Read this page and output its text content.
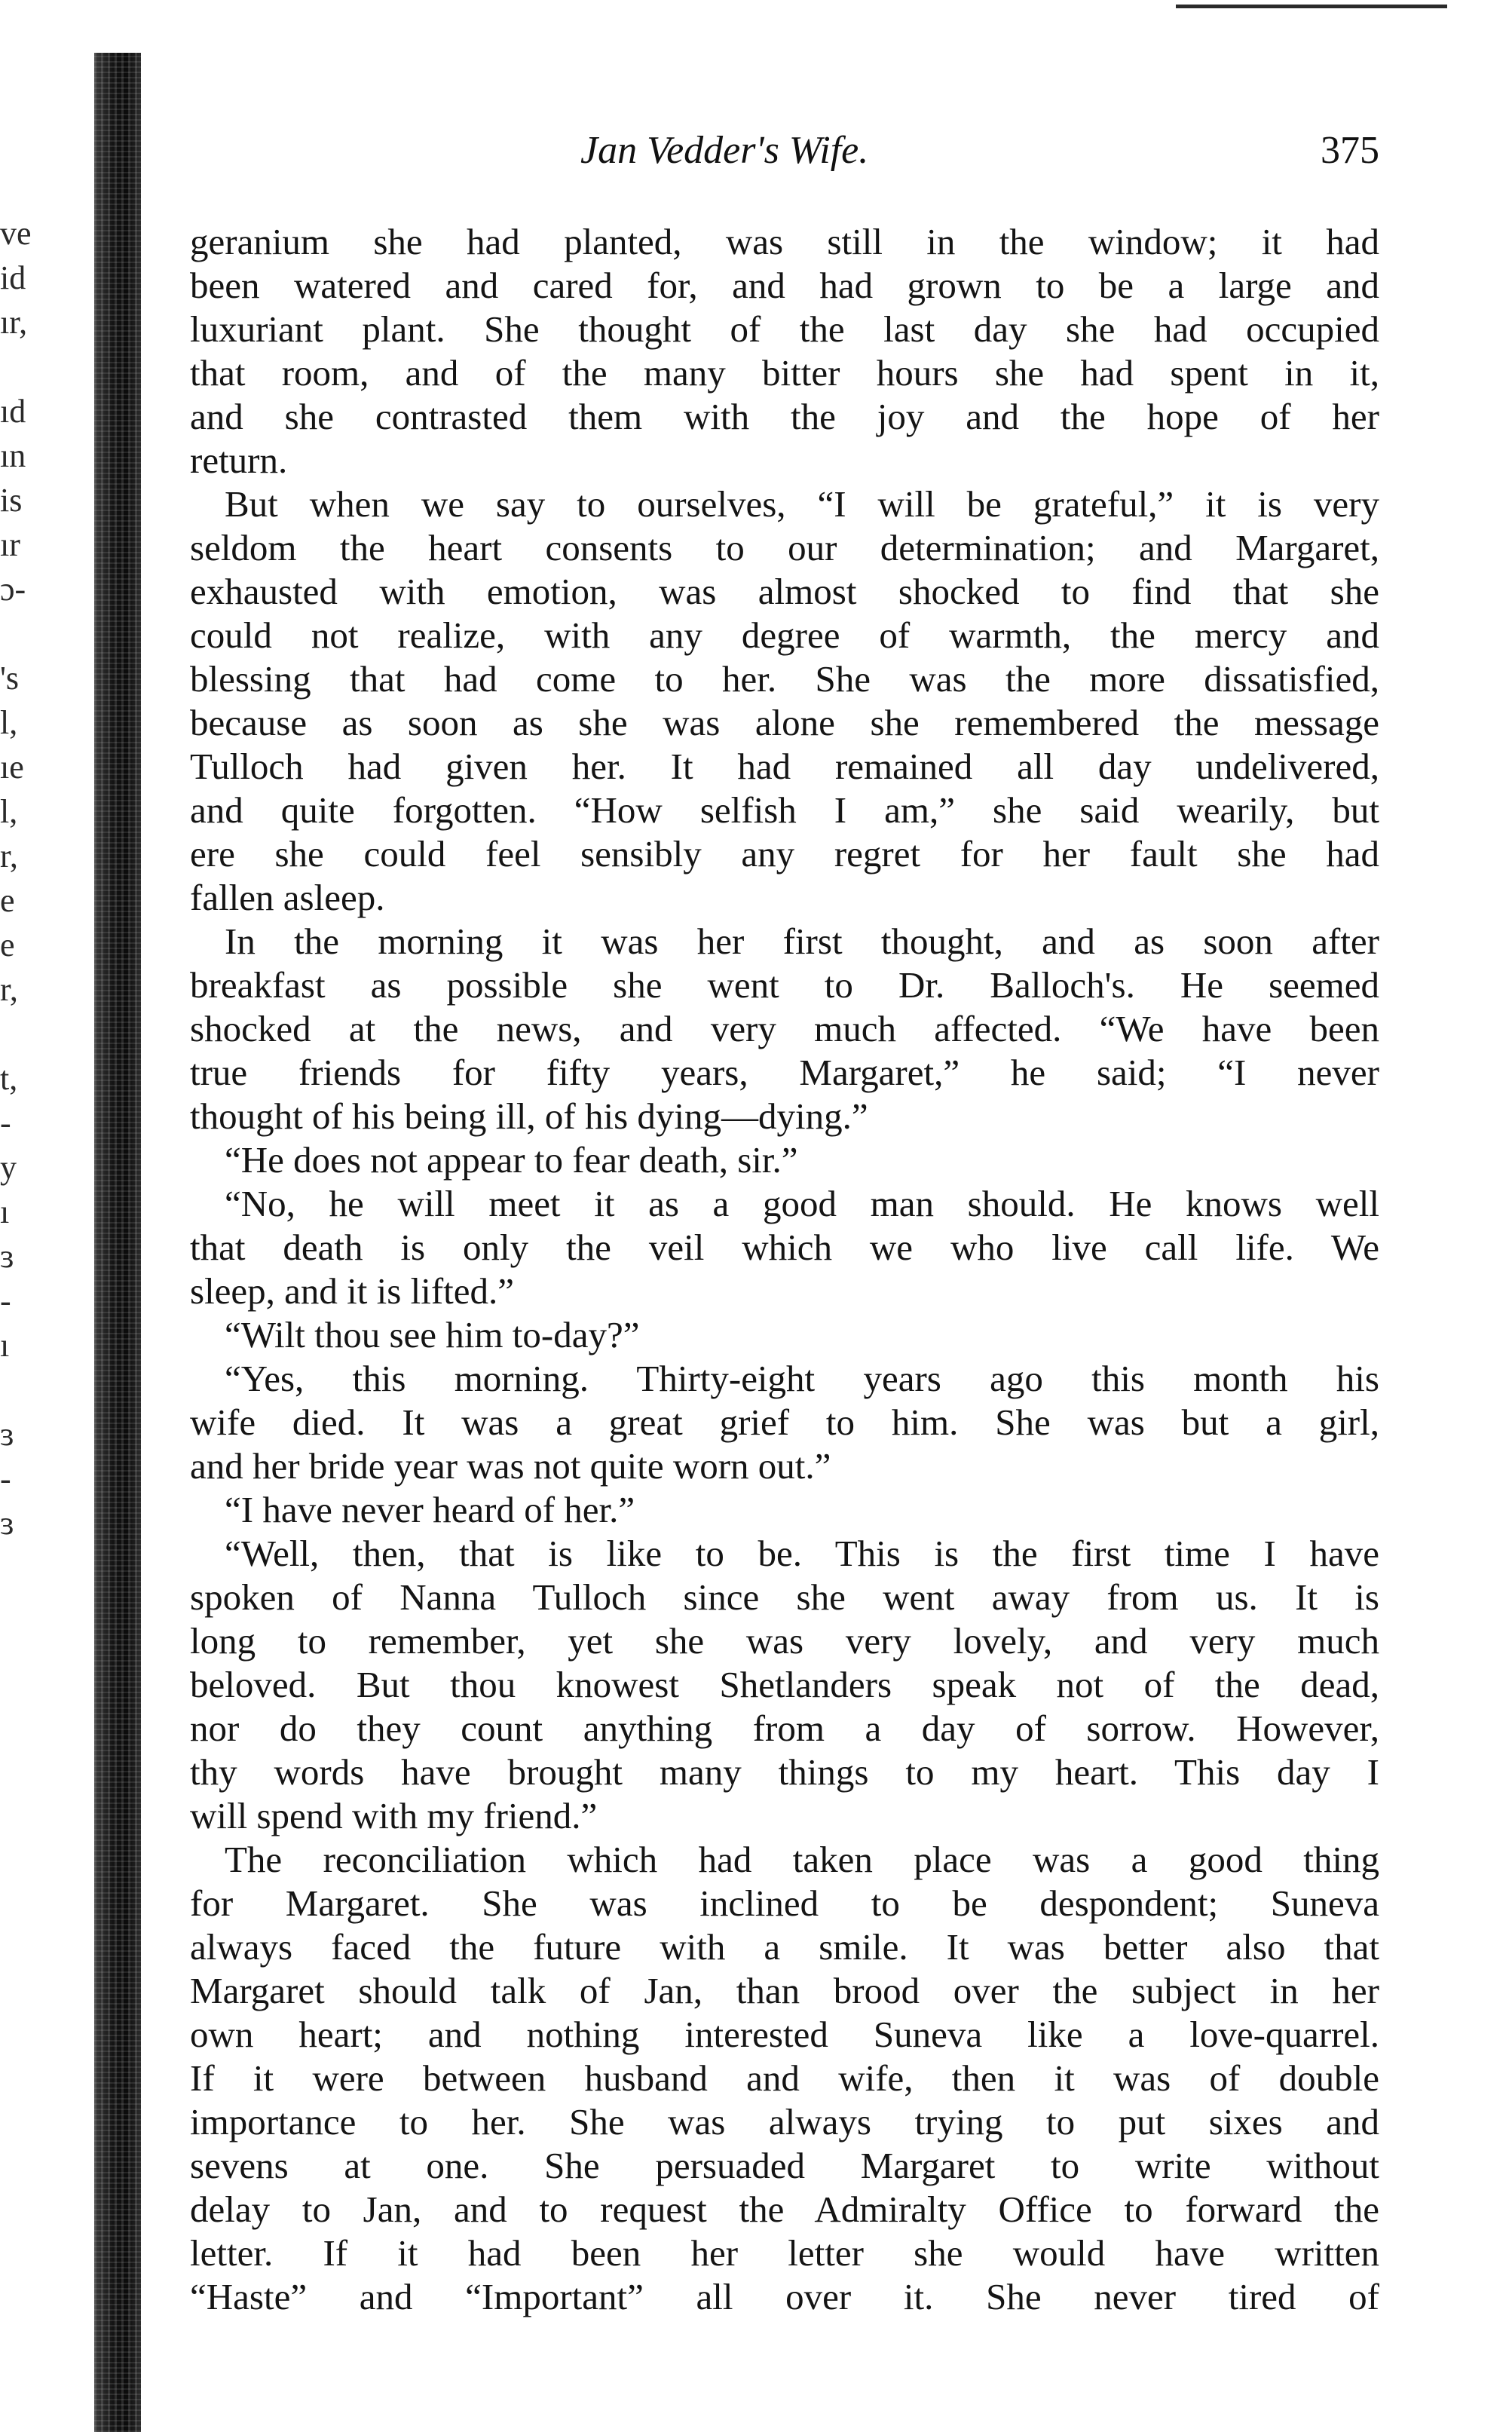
ve
id
ır,
ıd
ın
is
ır
ɔ-
's
l,
ıe
l,
r,
e
e
r,
t,
-
y
ı
ɜ
-
ı
ɜ
-
ɜ
Jan Vedder's Wife.	375
geranium she had planted, was still in the window; it had
been watered and cared for, and had grown to be a large and
luxuriant plant. She thought of the last day she had occupied
that room, and of the many bitter hours she had spent in it,
and she contrasted them with the joy and the hope of her
return.
But when we say to ourselves, “I will be grateful,” it is very
seldom the heart consents to our determination; and Margaret,
exhausted with emotion, was almost shocked to find that she
could not realize, with any degree of warmth, the mercy and
blessing that had come to her. She was the more dissatisfied,
because as soon as she was alone she remembered the message
Tulloch had given her. It had remained all day undelivered,
and quite forgotten. “How selfish I am,” she said wearily, but
ere she could feel sensibly any regret for her fault she had
fallen asleep.
In the morning it was her first thought, and as soon after
breakfast as possible she went to Dr. Balloch's. He seemed
shocked at the news, and very much affected. “We have been
true friends for fifty years, Margaret,” he said; “I never
thought of his being ill, of his dying—dying.”
“He does not appear to fear death, sir.”
“No, he will meet it as a good man should. He knows well
that death is only the veil which we who live call life. We
sleep, and it is lifted.”
“Wilt thou see him to-day?”
“Yes, this morning. Thirty-eight years ago this month his
wife died. It was a great grief to him. She was but a girl,
and her bride year was not quite worn out.”
“I have never heard of her.”
“Well, then, that is like to be. This is the first time I have
spoken of Nanna Tulloch since she went away from us. It is
long to remember, yet she was very lovely, and very much
beloved. But thou knowest Shetlanders speak not of the dead,
nor do they count anything from a day of sorrow. However,
thy words have brought many things to my heart. This day I
will spend with my friend.”
The reconciliation which had taken place was a good thing
for Margaret. She was inclined to be despondent; Suneva
always faced the future with a smile. It was better also that
Margaret should talk of Jan, than brood over the subject in her
own heart; and nothing interested Suneva like a love-quarrel.
If it were between husband and wife, then it was of double
importance to her. She was always trying to put sixes and
sevens at one. She persuaded Margaret to write without
delay to Jan, and to request the Admiralty Office to forward the
letter. If it had been her letter she would have written
“Haste” and “Important” all over it. She never tired of
